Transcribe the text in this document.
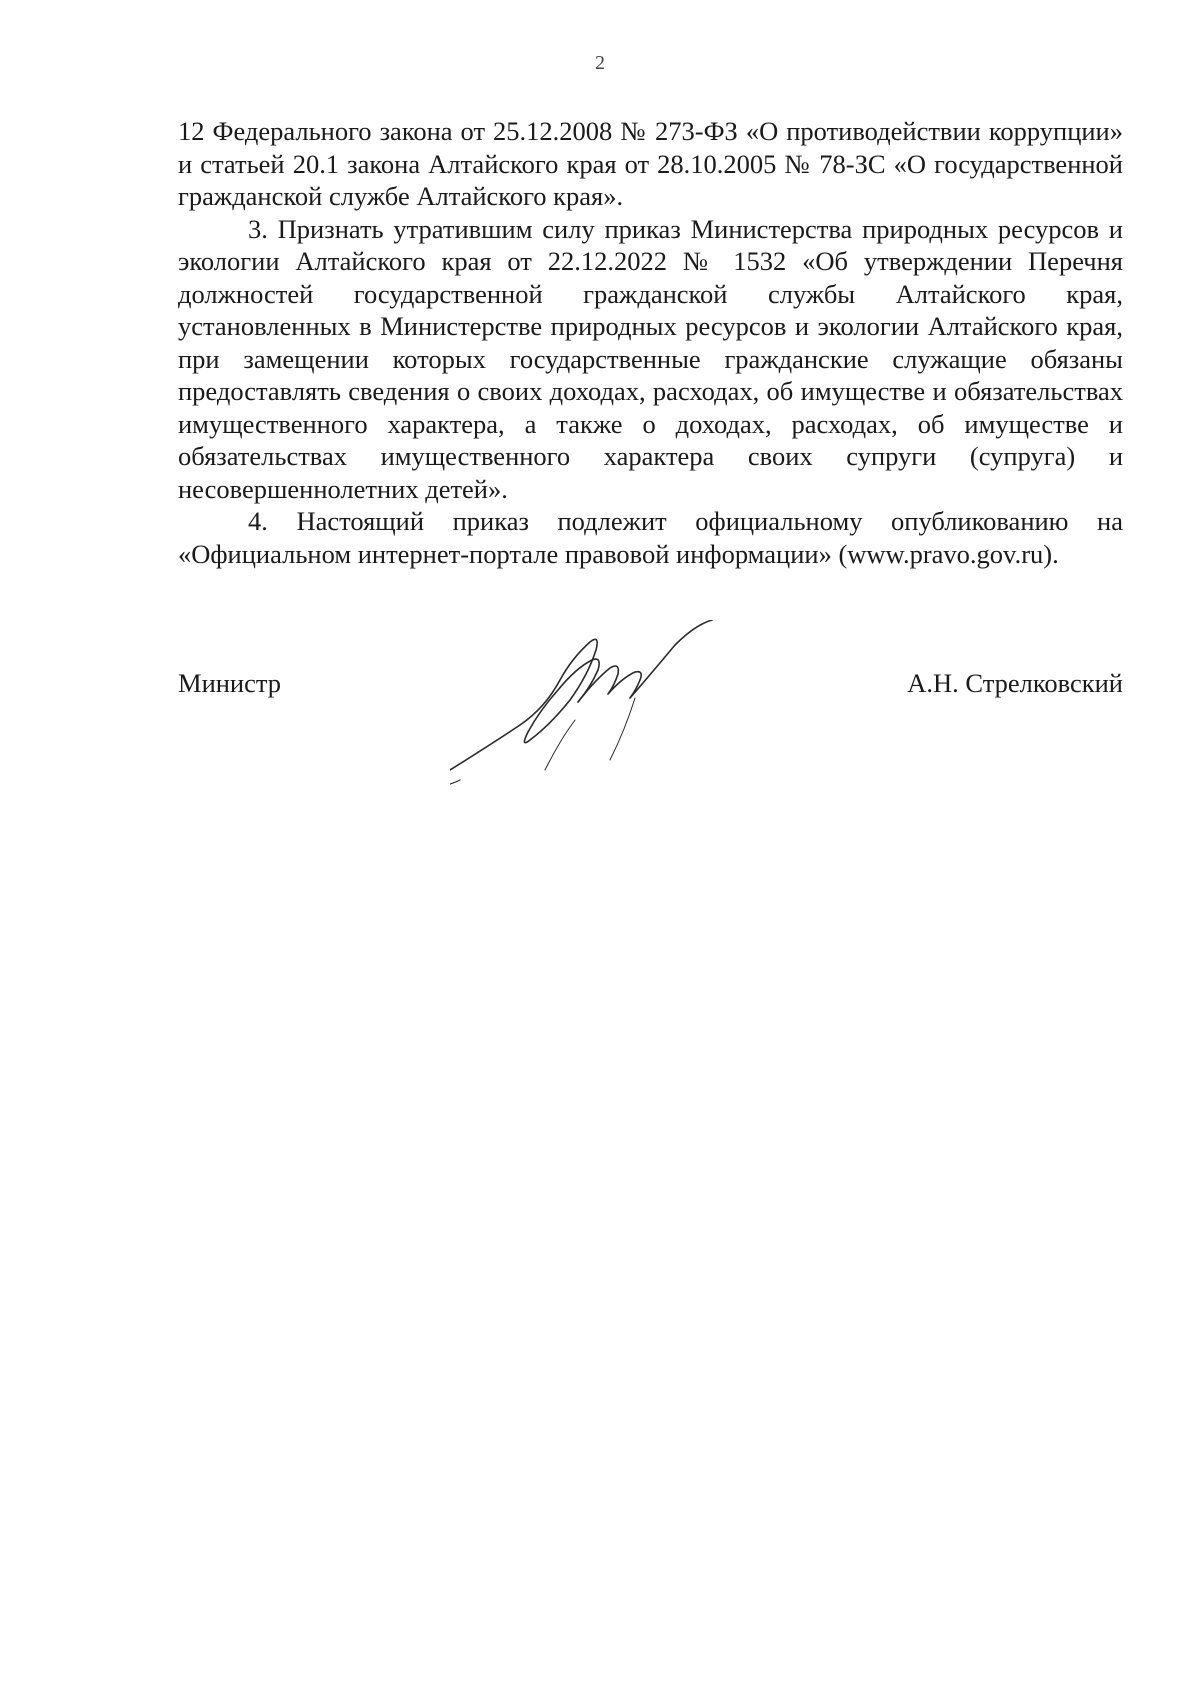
2

12 Федерального закона от 25.12.2008 № 273-ФЗ «О противодействии коррупции» и статьей 20.1 закона Алтайского края от 28.10.2005 № 78-ЗС «О государственной гражданской службе Алтайского края».

3. Признать утратившим силу приказ Министерства природных ресурсов и экологии Алтайского края от 22.12.2022 № 1532 «Об утверждении Перечня должностей государственной гражданской службы Алтайского края, установленных в Министерстве природных ресурсов и экологии Алтайского края, при замещении которых государственные гражданские служащие обязаны предоставлять сведения о своих доходах, расходах, об имуществе и обязательствах имущественного характера, а также о доходах, расходах, об имуществе и обязательствах имущественного характера своих супруги (супруга) и несовершеннолетних детей».

4. Настоящий приказ подлежит официальному опубликованию на «Официальном интернет-портале правовой информации» (www.pravo.gov.ru).

Министр	А.Н. Стрелковский
